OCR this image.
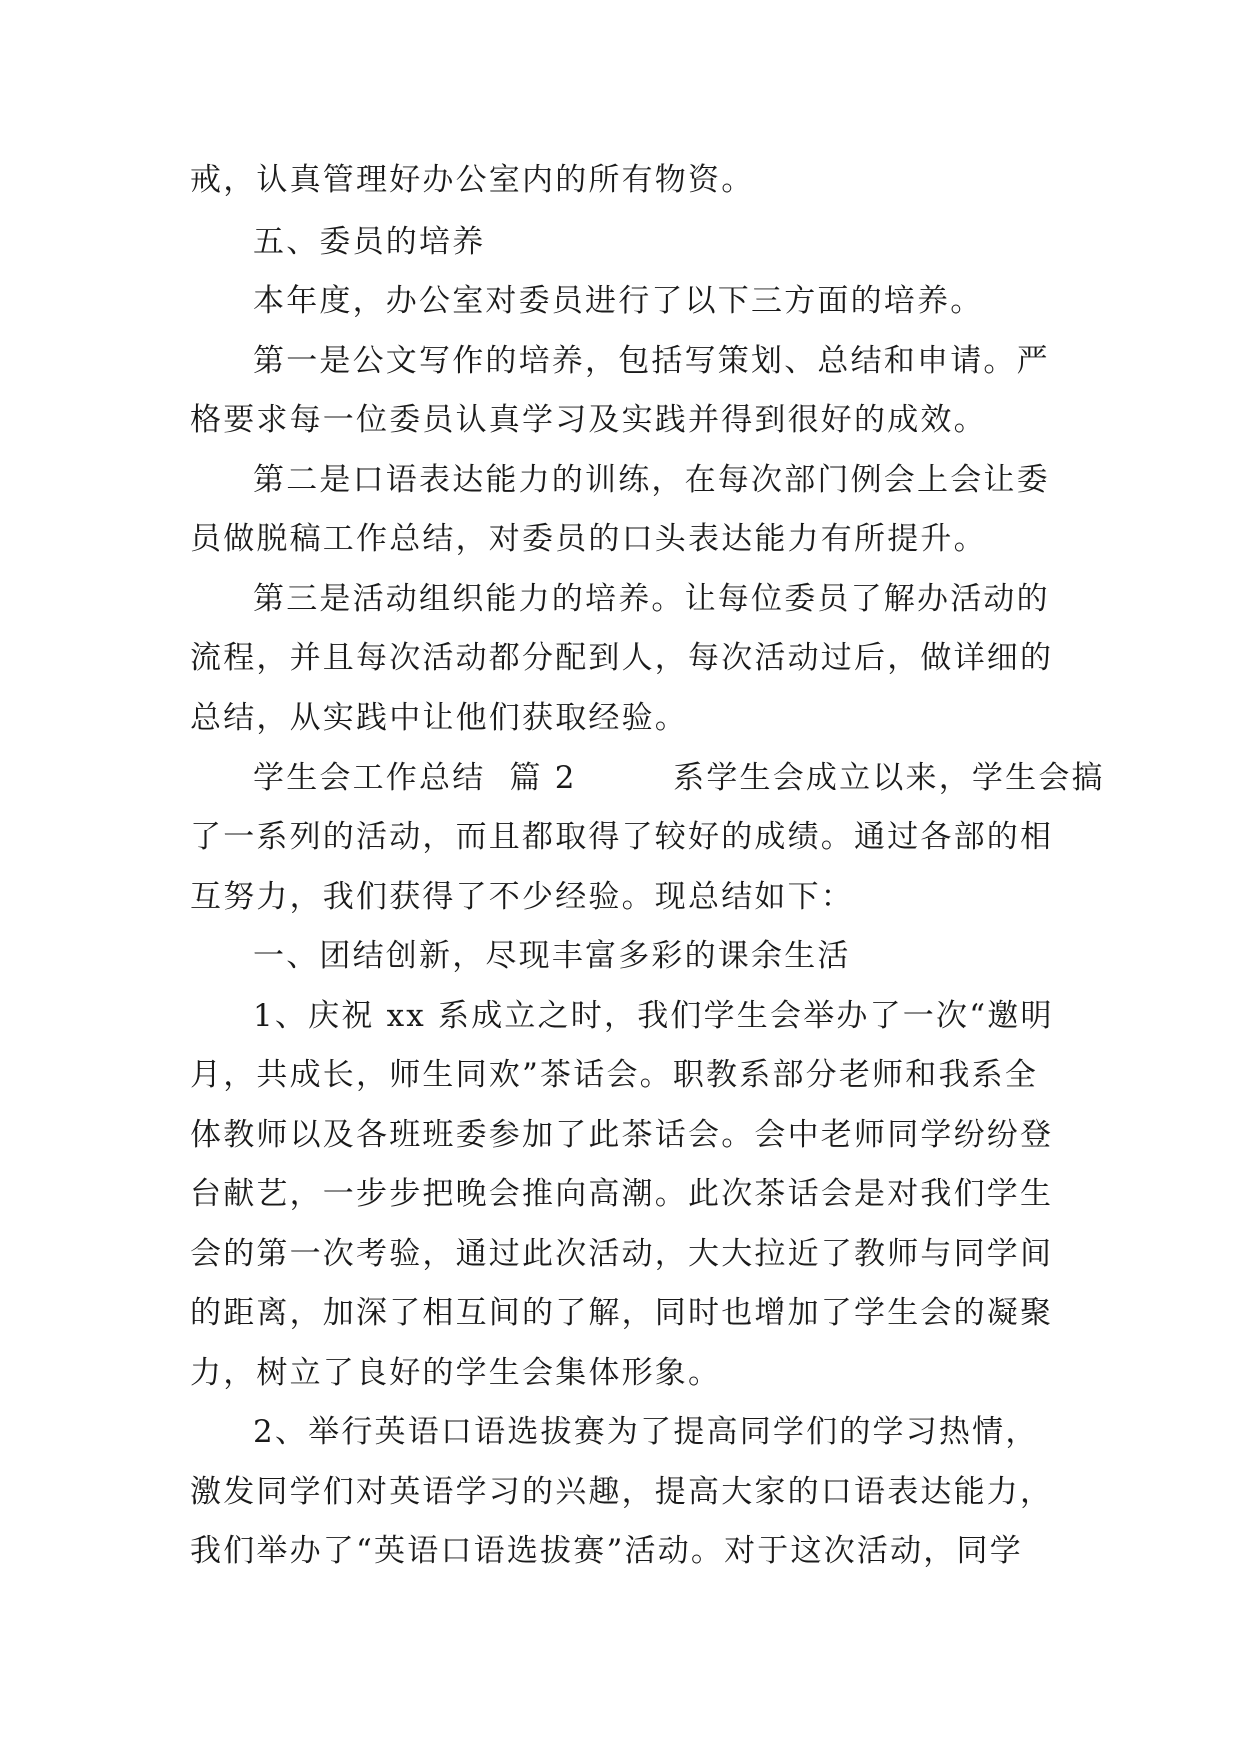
戒，认真管理好办公室内的所有物资。
五、委员的培养
本年度，办公室对委员进行了以下三方面的培养。
第一是公文写作的培养，包括写策划、总结和申请。严
格要求每一位委员认真学习及实践并得到很好的成效。
第二是口语表达能力的训练，在每次部门例会上会让委
员做脱稿工作总结，对委员的口头表达能力有所提升。
第三是活动组织能力的培养。让每位委员了解办活动的
流程，并且每次活动都分配到人，每次活动过后，做详细的
总结，从实践中让他们获取经验。
学生会工作总结  篇 2        系学生会成立以来，学生会搞
了一系列的活动，而且都取得了较好的成绩。通过各部的相
互努力，我们获得了不少经验。现总结如下：
一、团结创新，尽现丰富多彩的课余生活
1、庆祝 xx 系成立之时，我们学生会举办了一次“邀明
月，共成长，师生同欢”茶话会。职教系部分老师和我系全
体教师以及各班班委参加了此茶话会。会中老师同学纷纷登
台献艺，一步步把晚会推向高潮。此次茶话会是对我们学生
会的第一次考验，通过此次活动，大大拉近了教师与同学间
的距离，加深了相互间的了解，同时也增加了学生会的凝聚
力，树立了良好的学生会集体形象。
2、举行英语口语选拔赛为了提高同学们的学习热情，
激发同学们对英语学习的兴趣，提高大家的口语表达能力，
我们举办了“英语口语选拔赛”活动。对于这次活动，同学
